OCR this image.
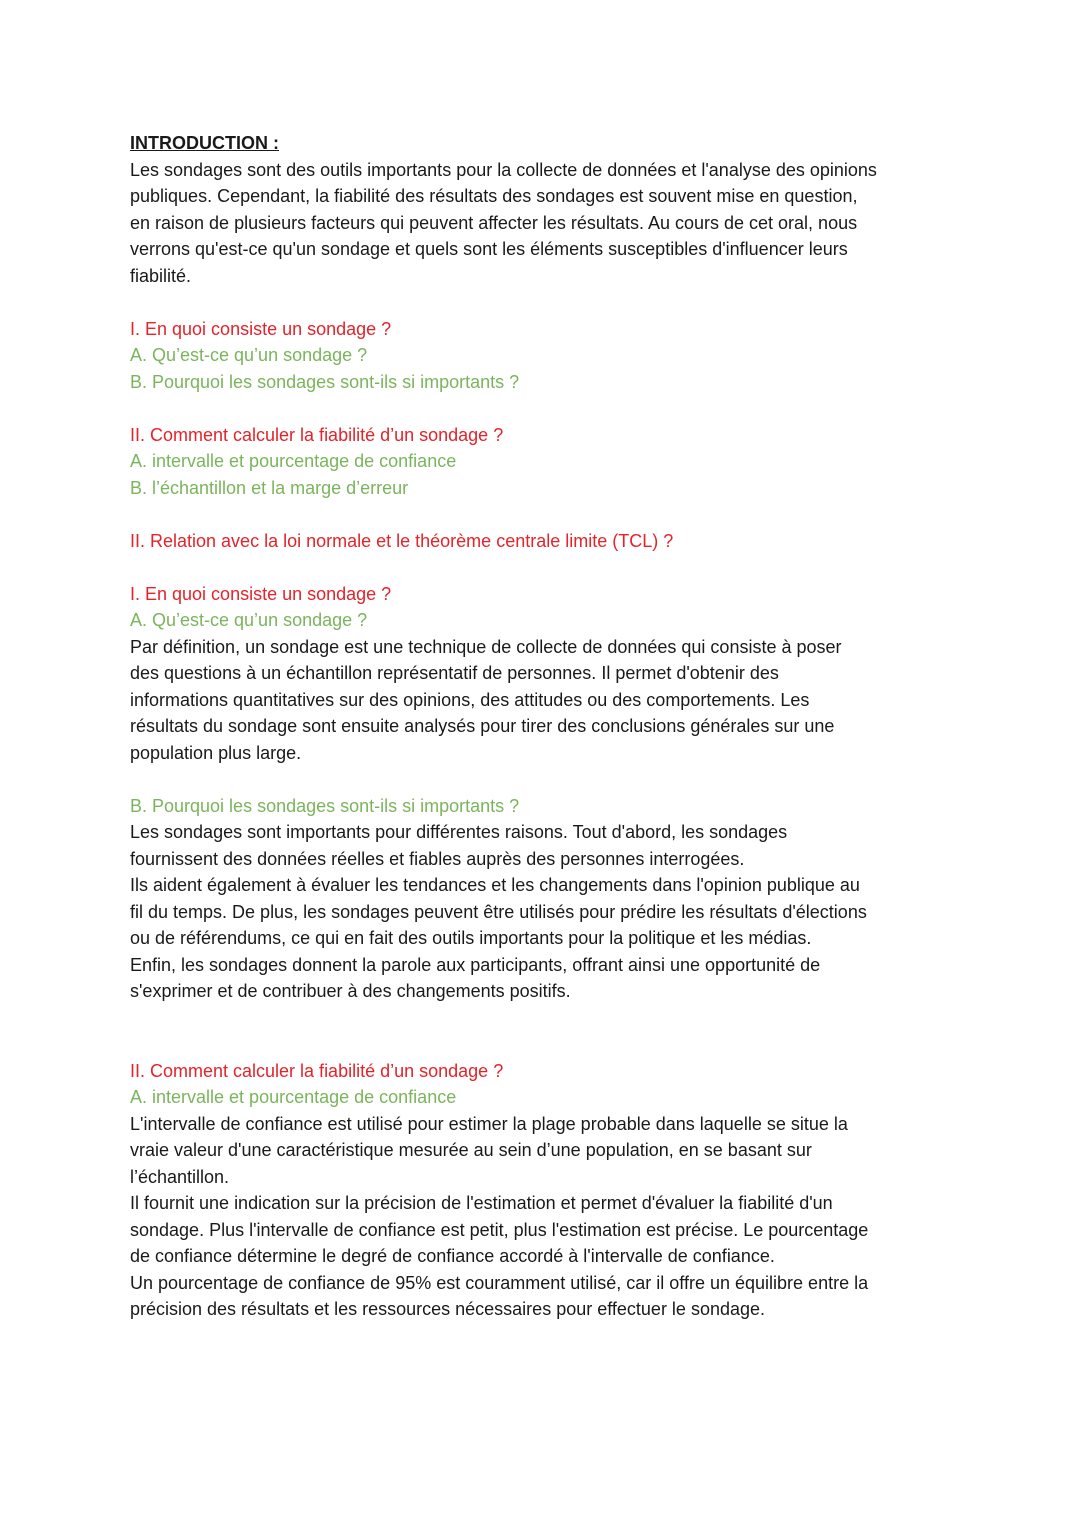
INTRODUCTION :
Les sondages sont des outils importants pour la collecte de données et l'analyse des opinions
publiques. Cependant, la fiabilité des résultats des sondages est souvent mise en question,
en raison de plusieurs facteurs qui peuvent affecter les résultats. Au cours de cet oral, nous
verrons qu'est-ce qu'un sondage et quels sont les éléments susceptibles d'influencer leurs
fiabilité.
I. En quoi consiste un sondage ?
A. Qu’est-ce qu’un sondage ?
B. Pourquoi les sondages sont-ils si importants ?
II. Comment calculer la fiabilité d’un sondage ?
A. intervalle et pourcentage de confiance
B. l’échantillon et la marge d’erreur
II. Relation avec la loi normale et le théorème centrale limite (TCL) ?
I. En quoi consiste un sondage ?
A. Qu’est-ce qu’un sondage ?
Par définition, un sondage est une technique de collecte de données qui consiste à poser
des questions à un échantillon représentatif de personnes. Il permet d'obtenir des
informations quantitatives sur des opinions, des attitudes ou des comportements. Les
résultats du sondage sont ensuite analysés pour tirer des conclusions générales sur une
population plus large.
B. Pourquoi les sondages sont-ils si importants ?
Les sondages sont importants pour différentes raisons. Tout d'abord, les sondages
fournissent des données réelles et fiables auprès des personnes interrogées.
Ils aident également à évaluer les tendances et les changements dans l'opinion publique au
fil du temps. De plus, les sondages peuvent être utilisés pour prédire les résultats d'élections
ou de référendums, ce qui en fait des outils importants pour la politique et les médias.
Enfin, les sondages donnent la parole aux participants, offrant ainsi une opportunité de
s'exprimer et de contribuer à des changements positifs.
II. Comment calculer la fiabilité d’un sondage ?
A. intervalle et pourcentage de confiance
L'intervalle de confiance est utilisé pour estimer la plage probable dans laquelle se situe la
vraie valeur d'une caractéristique mesurée au sein d’une population, en se basant sur
l’échantillon.
Il fournit une indication sur la précision de l'estimation et permet d'évaluer la fiabilité d'un
sondage. Plus l'intervalle de confiance est petit, plus l'estimation est précise. Le pourcentage
de confiance détermine le degré de confiance accordé à l'intervalle de confiance.
Un pourcentage de confiance de 95% est couramment utilisé, car il offre un équilibre entre la
précision des résultats et les ressources nécessaires pour effectuer le sondage.
